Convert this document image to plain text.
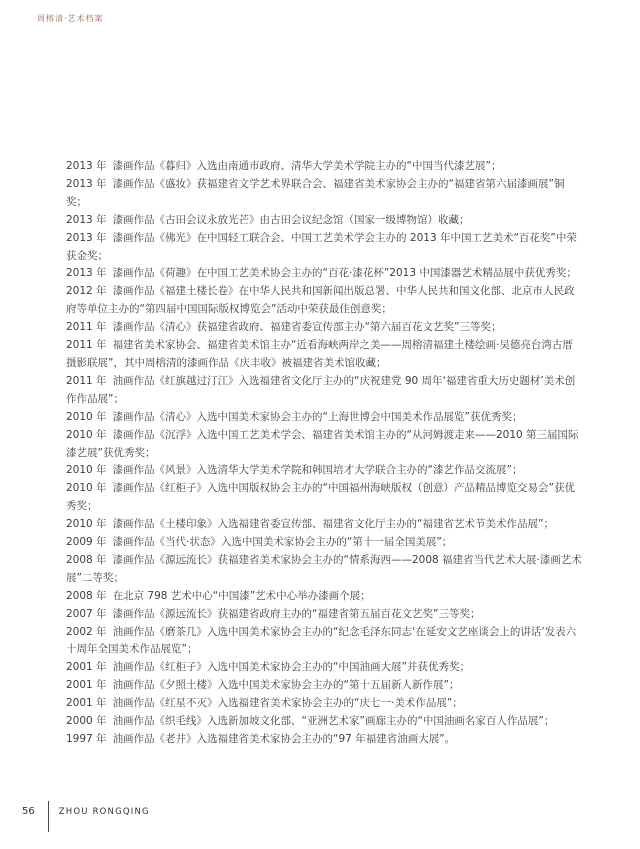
周榕清·艺术档案

2013 年 漆画作品《暮归》入选由南通市政府、清华大学美术学院主办的“中国当代漆艺展”；

2013 年 漆画作品《盛妆》获福建省文学艺术界联合会、福建省美术家协会主办的“福建省第六届漆画展”铜奖；

2013 年 漆画作品《古田会议永放光芒》由古田会议纪念馆（国家一级博物馆）收藏；

2013 年 漆画作品《佛光》在中国轻工联合会、中国工艺美术学会主办的 2013 年中国工艺美术“百花奖”中荣获金奖；

2013 年 漆画作品《荷趣》在中国工艺美术协会主办的“百花·漆花杯”2013 中国漆器艺术精品展中获优秀奖；

2012 年 漆画作品《福建土楼长卷》在中华人民共和国新闻出版总署、中华人民共和国文化部、北京市人民政府等单位主办的“第四届中国国际版权博览会”活动中荣获最佳创意奖；

2011 年 漆画作品《清心》获福建省政府、福建省委宣传部主办“第六届百花文艺奖”三等奖；

2011 年 福建省美术家协会、福建省美术馆主办“近看海峡两岸之美——周榕清福建土楼绘画·吴德亮台湾古厝摄影联展”，其中周榕清的漆画作品《庆丰收》被福建省美术馆收藏；

2011 年 油画作品《红旗越过汀江》入选福建省文化厅主办的“庆祝建党 90 周年‘福建省重大历史题材’美术创作作品展”；

2010 年 漆画作品《清心》入选中国美术家协会主办的“上海世博会中国美术作品展览”获优秀奖；

2010 年 漆画作品《沉浮》入选中国工艺美术学会、福建省美术馆主办的“从河姆渡走来——2010 第三届国际漆艺展”获优秀奖；

2010 年 漆画作品《风景》入选清华大学美术学院和韩国培才大学联合主办的“漆艺作品交流展”；

2010 年 漆画作品《红柜子》入选中国版权协会主办的“中国福州海峡版权（创意）产品精品博览交易会”获优秀奖；

2010 年 漆画作品《土楼印象》入选福建省委宣传部、福建省文化厅主办的“福建省艺术节美术作品展”；

2009 年 漆画作品《当代·状态》入选中国美术家协会主办的“第十一届全国美展”；

2008 年 漆画作品《源远流长》获福建省美术家协会主办的“情系海西——2008 福建省当代艺术大展·漆画艺术展”二等奖；

2008 年 在北京 798 艺术中心“中国漆”艺术中心举办漆画个展；

2007 年 漆画作品《源远流长》获福建省政府主办的“福建省第五届百花文艺奖”三等奖；

2002 年 油画作品《磨茶几》入选中国美术家协会主办的“纪念毛泽东同志‘在延安文艺座谈会上的讲话’发表六十周年全国美术作品展览”；

2001 年 油画作品《红柜子》入选中国美术家协会主办的“中国油画大展”并获优秀奖；

2001 年 油画作品《夕照土楼》入选中国美术家协会主办的“第十五届新人新作展”；

2001 年 油画作品《红星不灭》入选福建省美术家协会主办的“庆七一·美术作品展”；

2000 年 油画作品《织毛线》入选新加坡文化部、“亚洲艺术家”画廊主办的“中国油画名家百人作品展”；

1997 年 油画作品《老井》入选福建省美术家协会主办的“97 年福建省油画大展”。

56	ZHOU RONGQING
